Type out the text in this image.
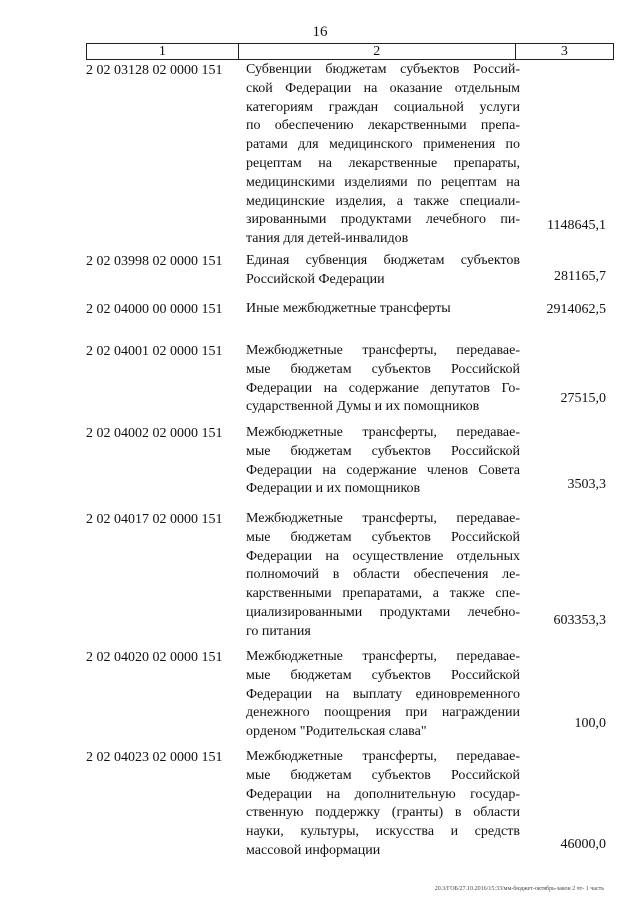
16
1	2	3
2 02 03128 02 0000 151	Субвенции бюджетам субъектов Россий-
ской Федерации на оказание отдельным
категориям граждан социальной услуги
по обеспечению лекарственными препа-
ратами для медицинского применения по
рецептам на лекарственные препараты,
медицинскими изделиями по рецептам на
медицинские изделия, а также специали-
зированными продуктами лечебного пи-
тания для детей-инвалидов
1148645,1
2 02 03998 02 0000 151	Единая субвенция бюджетам субъектов
Российской Федерации	281165,7
2 02 04000 00 0000 151	Иные межбюджетные трансферты	2914062,5
2 02 04001 02 0000 151	Межбюджетные трансферты, передавае-
мые бюджетам субъектов Российской
Федерации на содержание депутатов Го-
сударственной Думы и их помощников
27515,0
2 02 04002 02 0000 151	Межбюджетные трансферты, передавае-
мые бюджетам субъектов Российской
Федерации на содержание членов Совета
Федерации и их помощников	3503,3
2 02 04017 02 0000 151	Межбюджетные трансферты, передавае-
мые бюджетам субъектов Российской
Федерации на осуществление отдельных
полномочий в области обеспечения ле-
карственными препаратами, а также спе-
циализированными продуктами лечебно-
го питания
603353,3
2 02 04020 02 0000 151	Межбюджетные трансферты, передавае-
мые бюджетам субъектов Российской
Федерации на выплату единовременного
денежного поощрения при награждении
орденом "Родительская слава"
100,0
2 02 04023 02 0000 151	Межбюджетные трансферты, передавае-
мые бюджетам субъектов Российской
Федерации на дополнительную государ-
ственную поддержку (гранты) в области
науки, культуры, искусства и средств
массовой информации	46000,0
20.3/ГОБ/27.10.2016/15:33/мм-бюджет-октябрь-закон 2 чт- 1 часть
